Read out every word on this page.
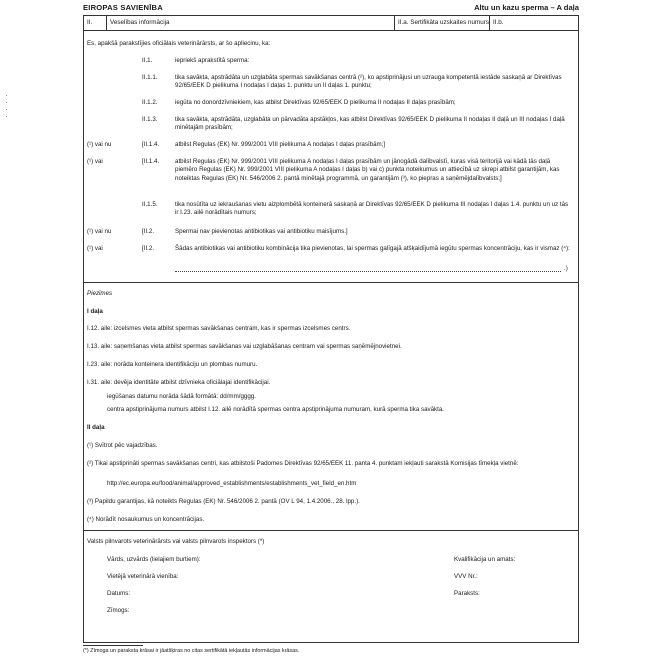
EIROPAS SAVIENĪBA	Altu un kazu sperma – A daļa
II.	Veselības informācija	II.a. Sertifikāta uzskaites numurs II.b.
Es, apakšā parakstījies oficiālais veterinārārsts, ar šo apliecinu, ka:
II.1.	iepriekš aprakstītā sperma:
II.1.1.	tika savākta, apstrādāta un uzglabāta spermas savākšanas centrā (²), ko apstiprinājusi un uzrauga kompetentā iestāde saskaņā ar Direktīvas 92/65/EEK D pielikuma I nodaļas I daļas 1. punktu un II daļas 1. punktu;
II.1.2.	iegūta no donordzīvniekiem, kas atbilst Direktīvas 92/65/EEK D pielikuma II nodaļas II daļas prasībām;
II.1.3.	tika savākta, apstrādāta, uzglabāta un pārvadāta apstākļos, kas atbilst Direktīvas 92/65/EEK D pielikuma II nodaļas II daļā un III nodaļas I daļā minētajām prasībām;
(¹) vai nu	[II.1.4.	atbilst Regulas (EK) Nr. 999/2001 VIII pielikuma A nodaļas I daļas prasībām;]
(¹) vai	[II.1.4.	atbilst Regulas (EK) Nr. 999/2001 VIII pielikuma A nodaļas I daļas prasībām un jānogādā dalībvalstī, kuras visā teritorijā vai kādā tās daļā piemēro Regulas (EK) Nr. 999/2001 VIII pielikuma A nodaļas I daļas b) vai c) punkta noteikumus un attiecībā uz skrepi atbilst garantijām, kas noteiktas Regulas (EK) Nr. 546/2006 2. pantā minētajā programmā, un garantijām (³), ko piepras a saņēmējdalībvalsts;]
II.1.5.	tika nosūtīta uz iekraušanas vietu aizplombētā konteinerā saskaņā ar Direktīvas 92/65/EEK D pielikuma III nodaļas I daļas 1.4. punktu un uz tās ir I.23. ailē norādītais numurs;
(¹) vai nu	[II.2.	Spermai nav pievienotas antibiotikas vai antibiotiku maisījums.]
(¹) vai	[II.2.	Šādas antibiotikas vai antibiotiku kombinācija tika pievienotas, lai spermas galīgajā atšķaidījumā iegūtu spermas koncentrāciju, kas ir vismaz (⁴):
.)
Piezīmes
I daļa
I.12. aile: izcelsmes vieta atbilst spermas savākšanas centram, kas ir spermas izcelsmes centrs.
I.13. aile: saņemšanas vieta atbilst spermas savākšanas vai uzglabāšanas centram vai spermas saņēmējnovietnei.
I.23. aile: norāda konteinera identifikāciju un plombas numuru.
I.31. aile: devēja identitāte atbilst dzīvnieka oficiālajai identifikācijai.
iegūšanas datumu norāda šādā formātā: dd/mm/gggg.
centra apstiprinājuma numurs atbilst I.12. ailē norādītā spermas centra apstiprinājuma numuram, kurā sperma tika savākta.
II daļa
(¹) Svītrot pēc vajadzības.
(²) Tikai apstiprināti spermas savākšanas centri, kas atbilstoši Padomes Direktīvas 92/65/EEK 11. panta 4. punktam iekļauti sarakstā Komisijas tīmekļa vietnē:
http://ec.europa.eu/food/animal/approved_establishments/establishments_vet_field_en.htm
(³) Papildu garantijas, kā noteikts Regulas (EK) Nr. 546/2006 2. pantā (OV L 94, 1.4.2006., 28. lpp.).
(⁴) Norādīt nosaukumus un koncentrācijas.
Valsts pilnvarots veterinārārsts vai valsts pilnvarots inspektors (*)
Vārds, uzvārds (lielajiem burtiem):	Kvalifikācija un amats:
Vietējā veterinārā vienība:	VVV Nr.:
Datums:	Paraksts:
Zīmogs:
(*) Zīmoga un paraksta krāsai ir jāatšķiras no citas sertifikātā iekļautās informācijas krāsas.
